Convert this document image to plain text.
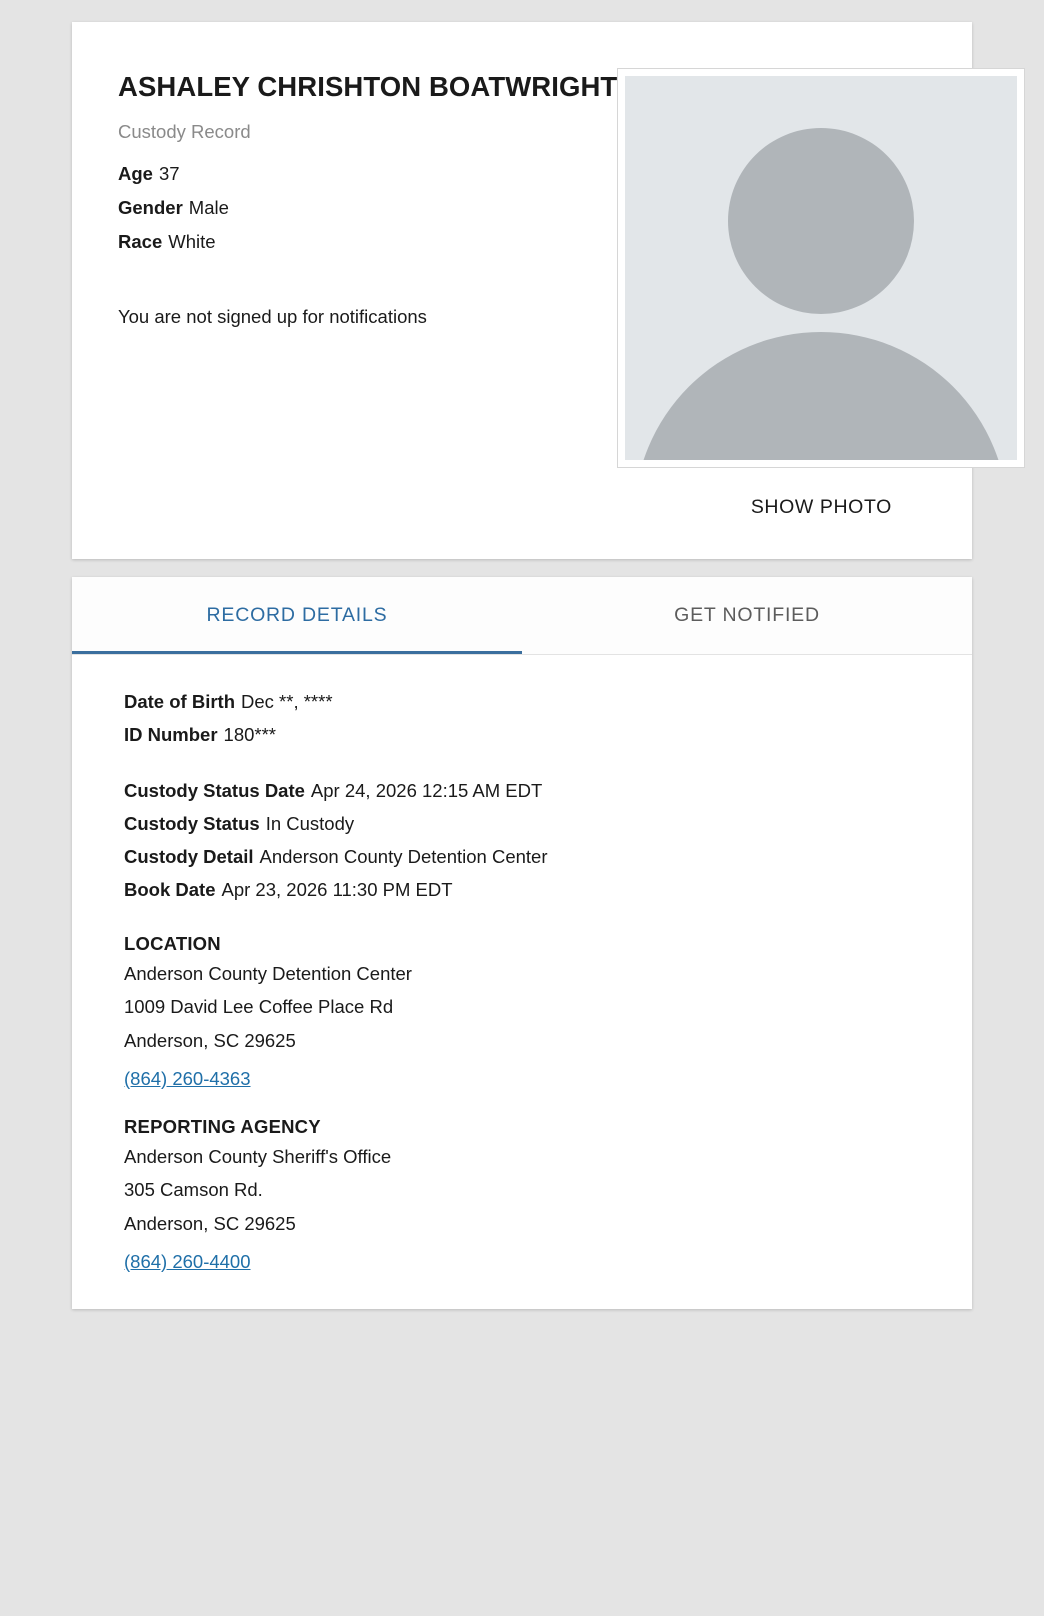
ASHALEY CHRISHTON BOATWRIGHT
Custody Record
Age 37
Gender Male
Race White
You are not signed up for notifications
SHOW PHOTO
RECORD DETAILS	GET NOTIFIED
Date of Birth Dec **, ****
ID Number 180***
Custody Status Date Apr 24, 2026 12:15 AM EDT
Custody Status In Custody
Custody Detail Anderson County Detention Center
Book Date Apr 23, 2026 11:30 PM EDT
LOCATION
Anderson County Detention Center
1009 David Lee Coffee Place Rd
Anderson, SC 29625
(864) 260-4363
REPORTING AGENCY
Anderson County Sheriff's Office
305 Camson Rd.
Anderson, SC 29625
(864) 260-4400
